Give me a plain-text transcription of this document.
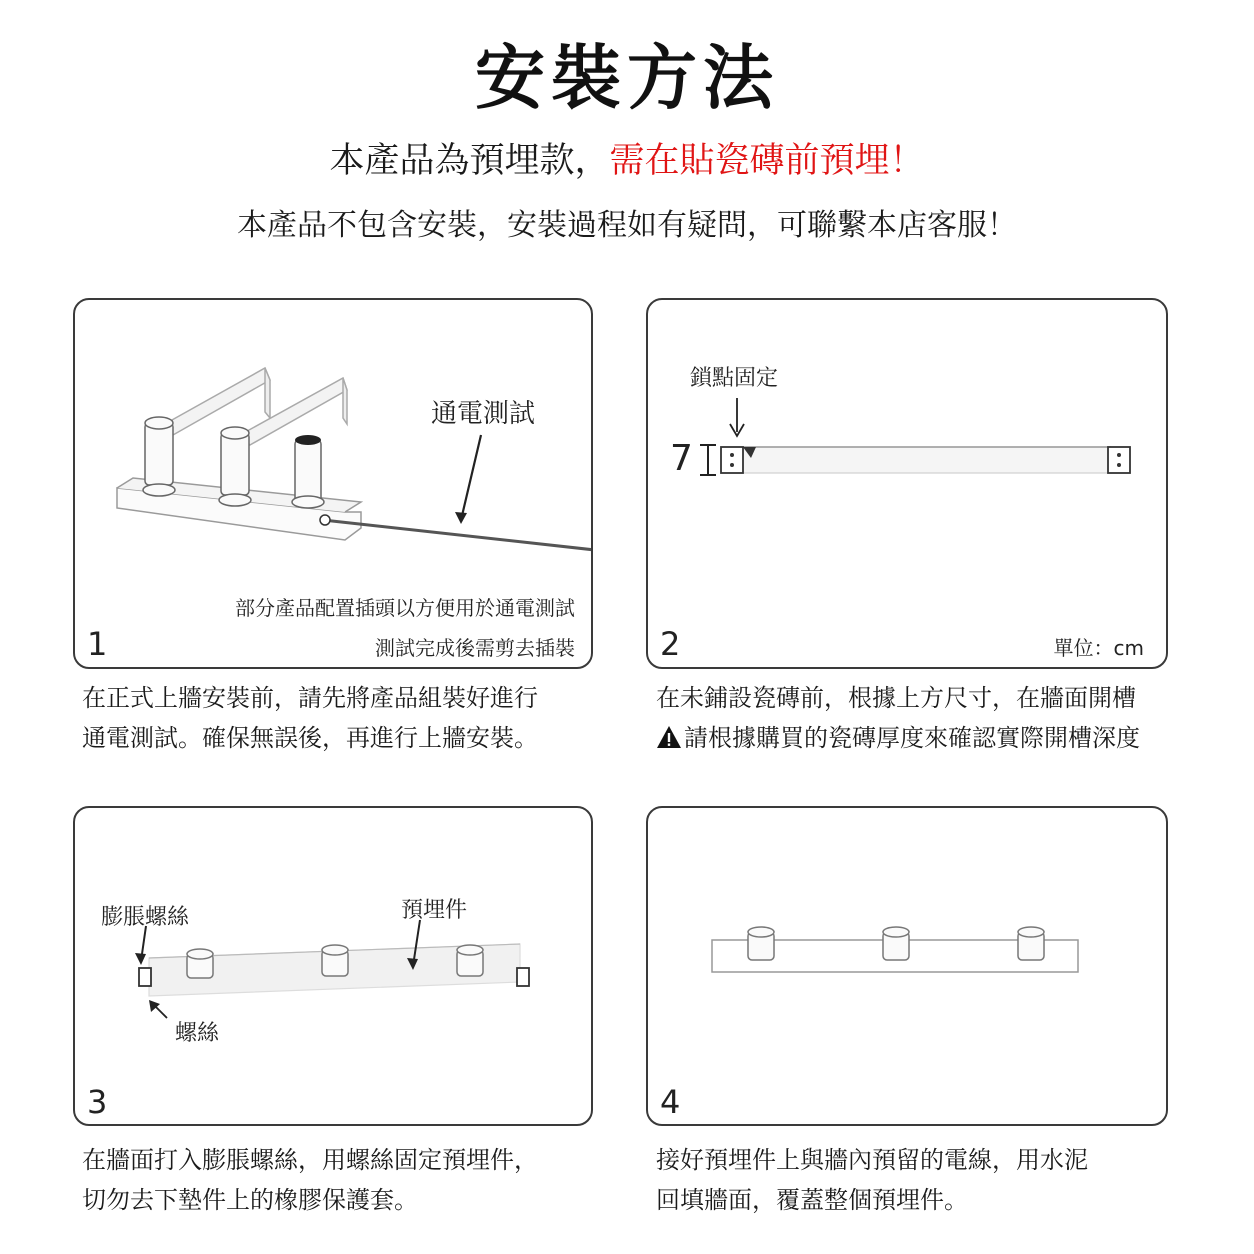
安裝方法
本產品為預埋款，需在貼瓷磚前預埋！
本產品不包含安裝，安裝過程如有疑問，可聯繫本店客服！
通電測試
部分產品配置插頭以方便用於通電測試
測試完成後需剪去插裝
1
在正式上牆安裝前，請先將產品組裝好進行
通電測試。確保無誤後，再進行上牆安裝。
鎖點固定
7
單位：cm
2
在未鋪設瓷磚前，根據上方尺寸，在牆面開槽
請根據購買的瓷磚厚度來確認實際開槽深度
膨脹螺絲	預埋件
螺絲
3
在牆面打入膨脹螺絲，用螺絲固定預埋件，
切勿去下墊件上的橡膠保護套。
4
接好預埋件上與牆內預留的電線，用水泥
回填牆面，覆蓋整個預埋件。
